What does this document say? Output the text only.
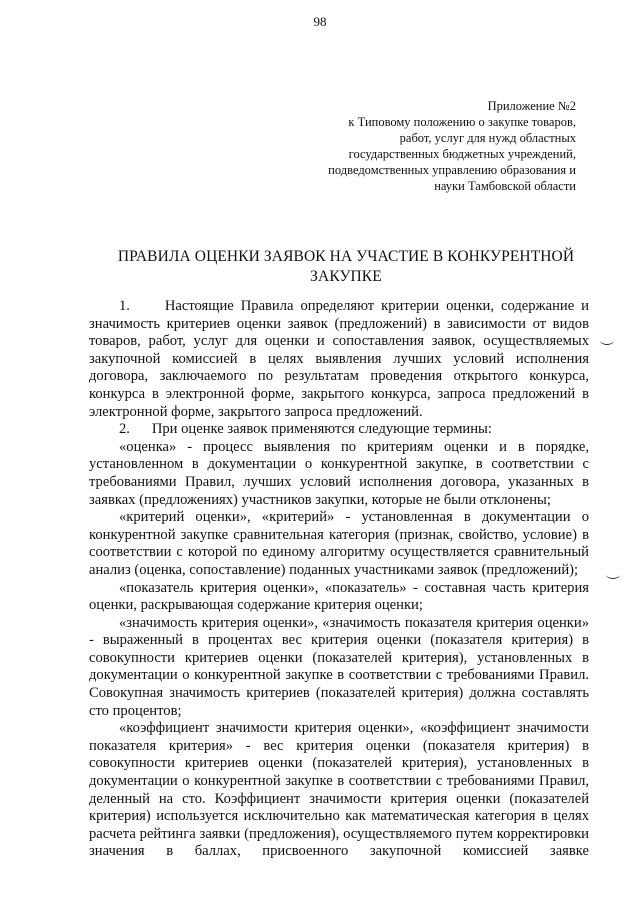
98
Приложение №2
к Типовому положению о закупке товаров,
работ, услуг для нужд областных
государственных бюджетных учреждений,
подведомственных управлению образования и
науки Тамбовской области
ПРАВИЛА ОЦЕНКИ ЗАЯВОК НА УЧАСТИЕ В КОНКУРЕНТНОЙ
ЗАКУПКЕ

1.     Настоящие Правила определяют критерии оценки, содержание и значимость критериев оценки заявок (предложений) в зависимости от видов товаров, работ, услуг для оценки и сопоставления заявок, осуществляемых закупочной комиссией в целях выявления лучших условий исполнения договора, заключаемого по результатам проведения открытого конкурса, конкурса в электронной форме, закрытого конкурса, запроса предложений в электронной форме, закрытого запроса предложений.

2.      При оценке заявок применяются следующие термины:

«оценка» - процесс выявления по критериям оценки и в порядке, установленном в документации о конкурентной закупке, в соответствии с требованиями Правил, лучших условий исполнения договора, указанных в заявках (предложениях) участников закупки, которые не были отклонены;

«критерий оценки», «критерий» - установленная в документации о конкурентной закупке сравнительная категория (признак, свойство, условие) в соответствии с которой по единому алгоритму осуществляется сравнительный анализ (оценка, сопоставление) поданных участниками заявок (предложений);

«показатель критерия оценки», «показатель» - составная часть критерия оценки, раскрывающая содержание критерия оценки;

«значимость критерия оценки», «значимость показателя критерия оценки» - выраженный в процентах вес критерия оценки (показателя критерия) в совокупности критериев оценки (показателей критерия), установленных в документации о конкурентной закупке в соответствии с требованиями Правил. Совокупная значимость критериев (показателей критерия) должна составлять сто процентов;

«коэффициент значимости критерия оценки», «коэффициент значимости показателя критерия» - вес критерия оценки (показателя критерия) в совокупности критериев оценки (показателей критерия), установленных в документации о конкурентной закупке в соответствии с требованиями Правил, деленный на сто. Коэффициент значимости критерия оценки (показателей критерия) используется исключительно как математическая категория в целях расчета рейтинга заявки (предложения), осуществляемого путем корректировки значения в баллах, присвоенного закупочной комиссией заявке
